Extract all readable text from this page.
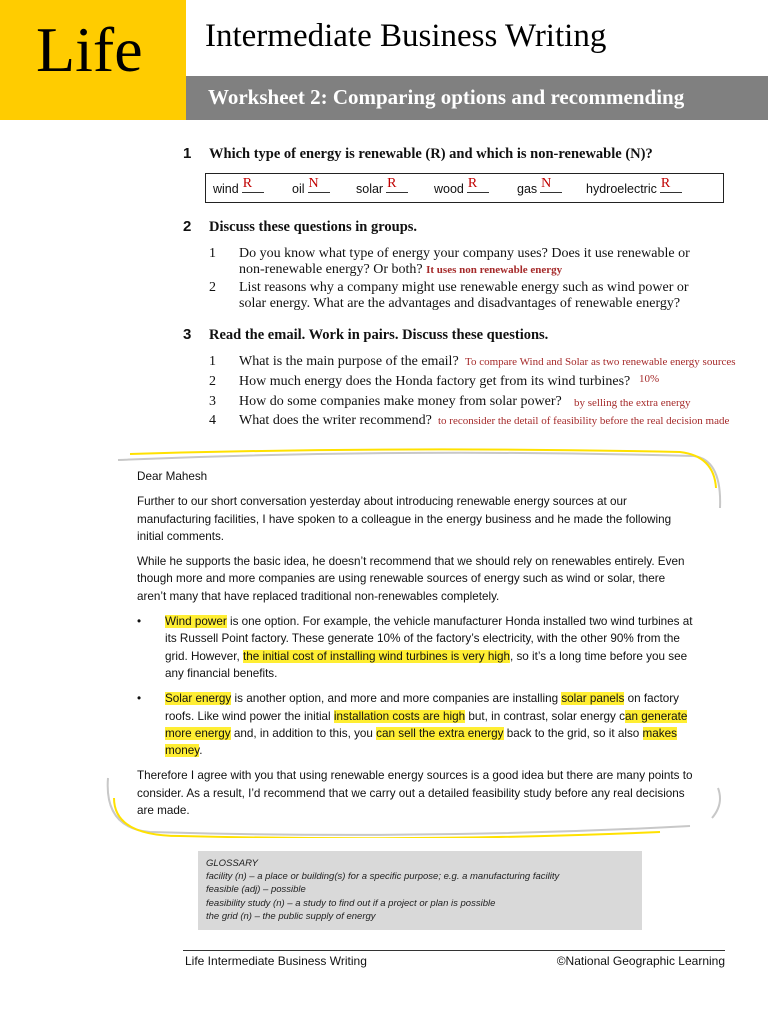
Life Intermediate Business Writing
Worksheet 2: Comparing options and recommending
1 Which type of energy is renewable (R) and which is non-renewable (N)?
wind R	oil N	solar R	wood R	gas N	hydroelectric R
2 Discuss these questions in groups.
1 Do you know what type of energy your company uses? Does it use renewable or
non-renewable energy? Or both? It uses non renewable energy
2 List reasons why a company might use renewable energy such as wind power or
solar energy. What are the advantages and disadvantages of renewable energy?
3 Read the email. Work in pairs. Discuss these questions.
1 What is the main purpose of the email? To compare Wind and Solar as two renewable energy sources
2 How much energy does the Honda factory get from its wind turbines? 10%
3 How do some companies make money from solar power? by selling the extra energy
4 What does the writer recommend? to reconsider the detail of feasibility before the real decision made

Dear Mahesh

Further to our short conversation yesterday about introducing renewable energy sources at our manufacturing facilities, I have spoken to a colleague in the energy business and he made the following initial comments.

While he supports the basic idea, he doesn’t recommend that we should rely on renewables entirely. Even though more and more companies are using renewable sources of energy such as wind or solar, there aren’t many that have replaced traditional non-renewables completely.

• Wind power is one option. For example, the vehicle manufacturer Honda installed two wind turbines at its Russell Point factory. These generate 10% of the factory’s electricity, with the other 90% from the grid. However, the initial cost of installing wind turbines is very high, so it’s a long time before you see any financial benefits.
• Solar energy is another option, and more and more companies are installing solar panels on factory roofs. Like wind power the initial installation costs are high but, in contrast, solar energy can generate more energy and, in addition to this, you can sell the extra energy back to the grid, so it also makes money.

Therefore I agree with you that using renewable energy sources is a good idea but there are many points to consider. As a result, I’d recommend that we carry out a detailed feasibility study before any real decisions are made.

GLOSSARY
facility (n) – a place or building(s) for a specific purpose; e.g. a manufacturing facility
feasible (adj) – possible
feasibility study (n) – a study to find out if a project or plan is possible
the grid (n) – the public supply of energy
Life Intermediate Business Writing	©National Geographic Learning
